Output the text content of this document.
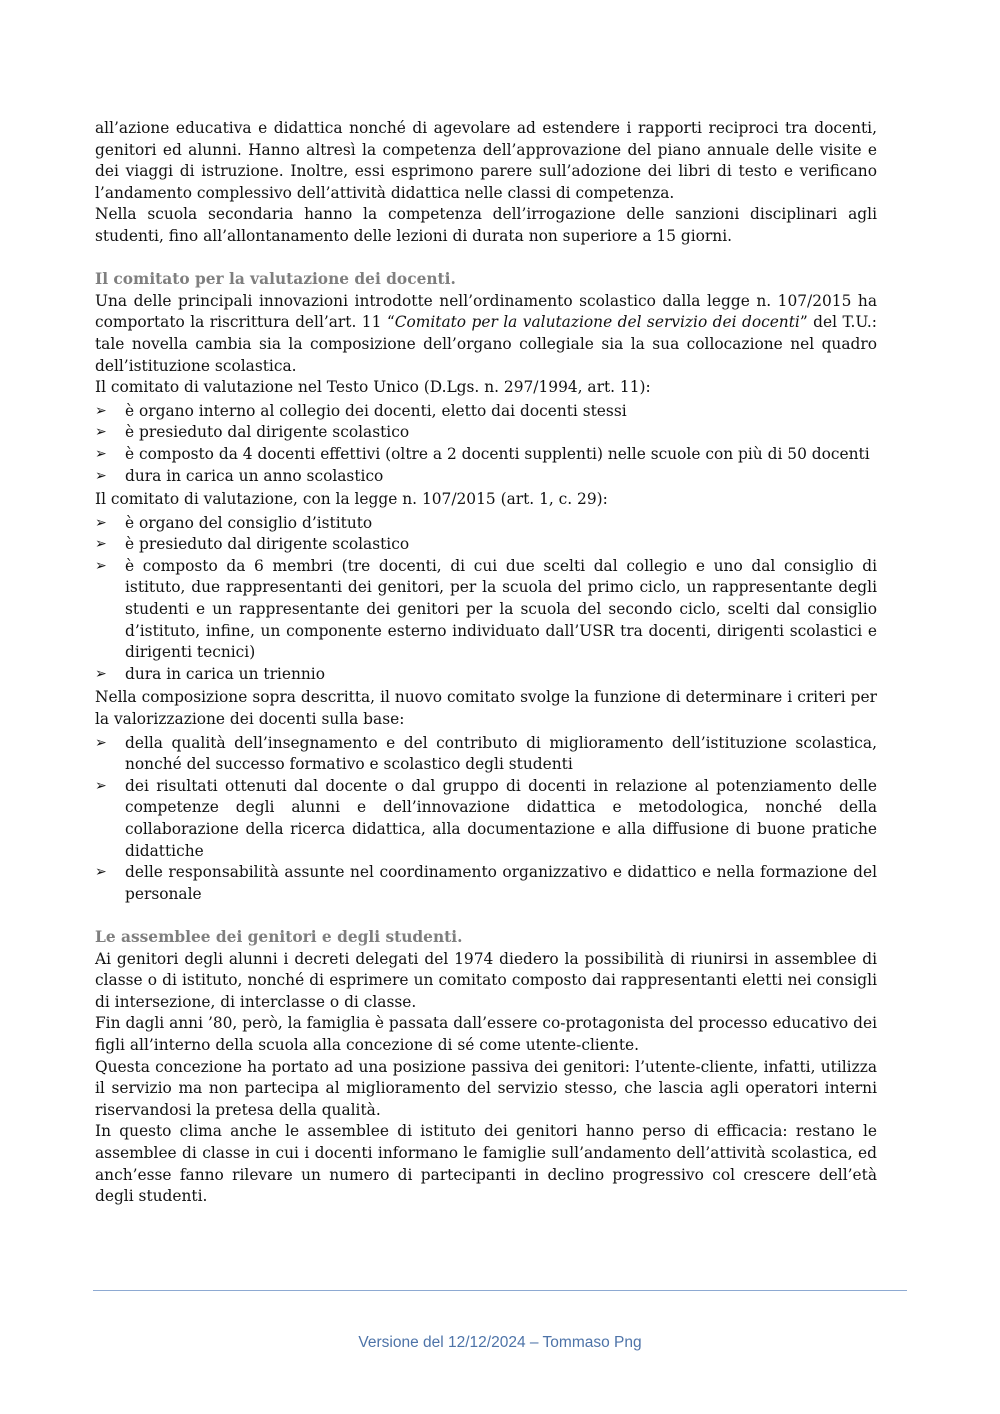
all’azione educativa e didattica nonché di agevolare ad estendere i rapporti reciproci tra docenti, genitori ed alunni. Hanno altresì la competenza dell’approvazione del piano annuale delle visite e dei viaggi di istruzione. Inoltre, essi esprimono parere sull’adozione dei libri di testo e verificano l’andamento complessivo dell’attività didattica nelle classi di competenza.

Nella scuola secondaria hanno la competenza dell’irrogazione delle sanzioni disciplinari agli studenti, fino all’allontanamento delle lezioni di durata non superiore a 15 giorni.

Il comitato per la valutazione dei docenti.

Una delle principali innovazioni introdotte nell’ordinamento scolastico dalla legge n. 107/2015 ha comportato la riscrittura dell’art. 11 “Comitato per la valutazione del servizio dei docenti” del T.U.: tale novella cambia sia la composizione dell’organo collegiale sia la sua collocazione nel quadro dell’istituzione scolastica.

Il comitato di valutazione nel Testo Unico (D.Lgs. n. 297/1994, art. 11):

➢ è organo interno al collegio dei docenti, eletto dai docenti stessi
➢ è presieduto dal dirigente scolastico
➢ è composto da 4 docenti effettivi (oltre a 2 docenti supplenti) nelle scuole con più di 50 docenti
➢ dura in carica un anno scolastico

Il comitato di valutazione, con la legge n. 107/2015 (art. 1, c. 29):

➢ è organo del consiglio d’istituto
➢ è presieduto dal dirigente scolastico
➢ è composto da 6 membri (tre docenti, di cui due scelti dal collegio e uno dal consiglio di istituto, due rappresentanti dei genitori, per la scuola del primo ciclo, un rappresentante degli studenti e un rappresentante dei genitori per la scuola del secondo ciclo, scelti dal consiglio d’istituto, infine, un componente esterno individuato dall’USR tra docenti, dirigenti scolastici e dirigenti tecnici)
➢ dura in carica un triennio

Nella composizione sopra descritta, il nuovo comitato svolge la funzione di determinare i criteri per la valorizzazione dei docenti sulla base:

➢ della qualità dell’insegnamento e del contributo di miglioramento dell’istituzione scolastica, nonché del successo formativo e scolastico degli studenti
➢ dei risultati ottenuti dal docente o dal gruppo di docenti in relazione al potenziamento delle competenze degli alunni e dell’innovazione didattica e metodologica, nonché della collaborazione della ricerca didattica, alla documentazione e alla diffusione di buone pratiche didattiche
➢ delle responsabilità assunte nel coordinamento organizzativo e didattico e nella formazione del personale

Le assemblee dei genitori e degli studenti.

Ai genitori degli alunni i decreti delegati del 1974 diedero la possibilità di riunirsi in assemblee di classe o di istituto, nonché di esprimere un comitato composto dai rappresentanti eletti nei consigli di intersezione, di interclasse o di classe.

Fin dagli anni ’80, però, la famiglia è passata dall’essere co-protagonista del processo educativo dei figli all’interno della scuola alla concezione di sé come utente-cliente.

Questa concezione ha portato ad una posizione passiva dei genitori: l’utente-cliente, infatti, utilizza il servizio ma non partecipa al miglioramento del servizio stesso, che lascia agli operatori interni riservandosi la pretesa della qualità.

In questo clima anche le assemblee di istituto dei genitori hanno perso di efficacia: restano le assemblee di classe in cui i docenti informano le famiglie sull’andamento dell’attività scolastica, ed anch’esse fanno rilevare un numero di partecipanti in declino progressivo col crescere dell’età degli studenti.

Versione del 12/12/2024 – Tommaso Png
